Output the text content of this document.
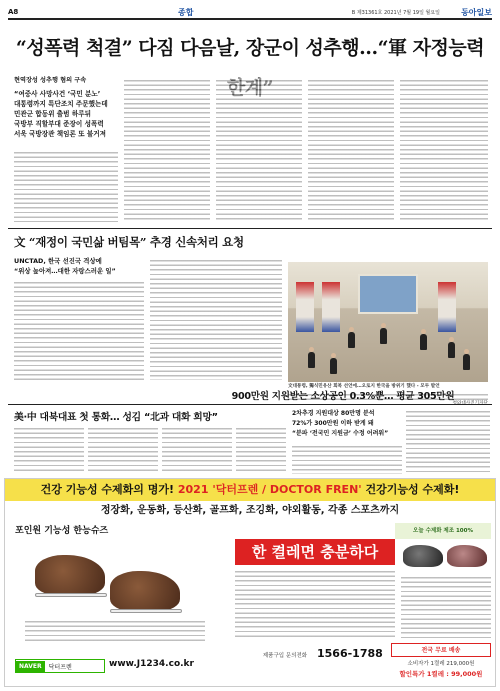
A8	종합	B 제31361호 2021년 7월 19일 월요일	동아일보
“성폭력 척결” 다짐 다음날, 장군이 성추행…“軍 자정능력
현역장성 성추행 혐의 구속
“여중사 사망사건 ‘국민 분노’
대통령까지 특단조치 주문했는데
민관군 합동위 출범 하루뒤
국방부 직할부대 준장이 성폭력
서욱 국방장관 책임론 또 불거져
文 “재정이 국민삶 버팀목” 추경 신속처리 요청
UNCTAD, 한국 선진국 격상에
“위상 높아져…대한 자랑스러운 일”
文대통령, 獨식민유산 회복 선언에…오로지 한국을 방위기 했다 - 모두 발언
900만원 지원받는 소상공인 0.3%뿐… 평균 305만원
美·中 대북대표 첫 통화… 성김 “北과 대화 희망”	2차추경 지원대상 80만명 분석
72%가 300만원 이하 받게 돼
“분파 ‘전국민 지원금’ 수정 어려워”
건강 기능성 수제화의 명가! 2021 '닥터프렌 / DOCTOR FREN' 건강기능성 수제화!
정장화, 운동화, 등산화, 골프화, 조깅화, 야외활동, 각종 스포츠까지
포인원 기능성 한능슈즈
NAVER	닥터프렌	www.J1234.co.kr
한 켤레면 충분하다
오늘 수제화 제조 100%
전국 무료 배송
소비자가 1켤레 219,000원
할인특가 1켤레 : 99,000원
제품구입 문의전화 1566-1788
